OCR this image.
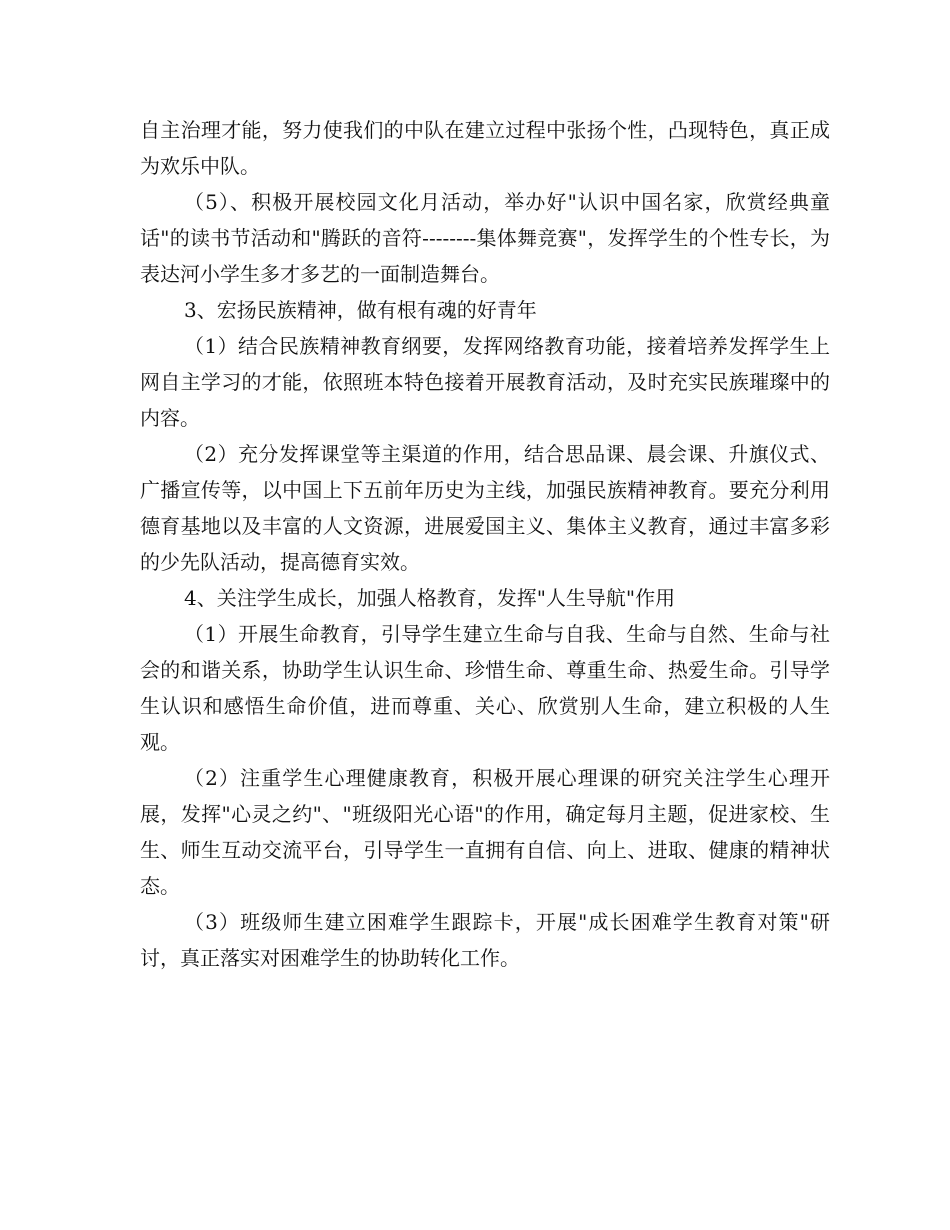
自主治理才能，努力使我们的中队在建立过程中张扬个性，凸现特色，真正成为欢乐中队。

（5）、积极开展校园文化月活动，举办好"认识中国名家，欣赏经典童话"的读书节活动和"腾跃的音符--------集体舞竞赛"，发挥学生的个性专长，为表达河小学生多才多艺的一面制造舞台。

3、宏扬民族精神，做有根有魂的好青年

（1）结合民族精神教育纲要，发挥网络教育功能，接着培养发挥学生上网自主学习的才能，依照班本特色接着开展教育活动，及时充实民族璀璨中的内容。

（2）充分发挥课堂等主渠道的作用，结合思品课、晨会课、升旗仪式、广播宣传等，以中国上下五前年历史为主线，加强民族精神教育。要充分利用德育基地以及丰富的人文资源，进展爱国主义、集体主义教育，通过丰富多彩的少先队活动，提高德育实效。

4、关注学生成长，加强人格教育，发挥"人生导航"作用

（1）开展生命教育，引导学生建立生命与自我、生命与自然、生命与社会的和谐关系，协助学生认识生命、珍惜生命、尊重生命、热爱生命。引导学生认识和感悟生命价值，进而尊重、关心、欣赏别人生命，建立积极的人生观。

（2）注重学生心理健康教育，积极开展心理课的研究关注学生心理开展，发挥"心灵之约"、"班级阳光心语"的作用，确定每月主题，促进家校、生生、师生互动交流平台，引导学生一直拥有自信、向上、进取、健康的精神状态。

（3）班级师生建立困难学生跟踪卡，开展"成长困难学生教育对策"研讨，真正落实对困难学生的协助转化工作。
